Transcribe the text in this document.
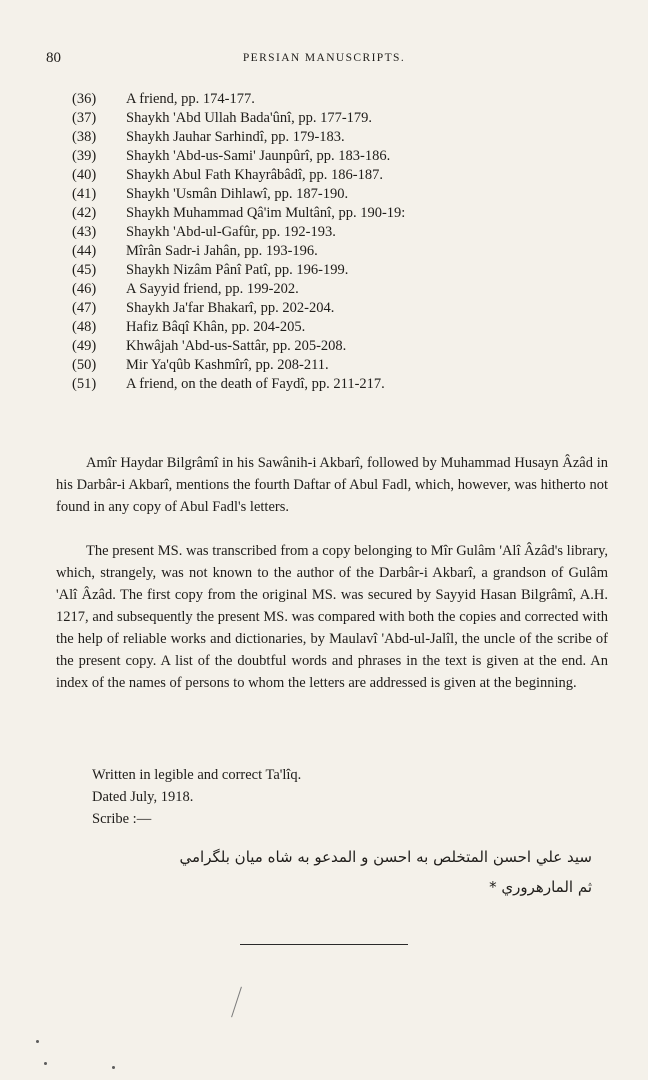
80	PERSIAN MANUSCRIPTS.
(36) A friend, pp. 174-177.
(37) Shaykh 'Abd Ullah Bada'ûnî, pp. 177-179.
(38) Shaykh Jauhar Sarhindî, pp. 179-183.
(39) Shaykh 'Abd-us-Sami' Jaunpûrî, pp. 183-186.
(40) Shaykh Abul Fath Khayrâbâdî, pp. 186-187.
(41) Shaykh 'Usmân Dihlawî, pp. 187-190.
(42) Shaykh Muhammad Qâ'im Multânî, pp. 190-19:
(43) Shaykh 'Abd-ul-Gafûr, pp. 192-193.
(44) Mîrân Sadr-i Jahân, pp. 193-196.
(45) Shaykh Nizâm Pânî Patî, pp. 196-199.
(46) A Sayyid friend, pp. 199-202.
(47) Shaykh Ja'far Bhakarî, pp. 202-204.
(48) Hafiz Bâqî Khân, pp. 204-205.
(49) Khwâjah 'Abd-us-Sattâr, pp. 205-208.
(50) Mir Ya'qûb Kashmîrî, pp. 208-211.
(51) A friend, on the death of Faydî, pp. 211-217.

Amîr Haydar Bilgrâmî in his Sawânih-i Akbarî, followed by Muhammad Husayn Âzâd in his Darbâr-i Akbarî, mentions the fourth Daftar of Abul Fadl, which, however, was hitherto not found in any copy of Abul Fadl's letters.

The present MS. was transcribed from a copy belonging to Mîr Gulâm 'Alî Âzâd's library, which, strangely, was not known to the author of the Darbâr-i Akbarî, a grandson of Gulâm 'Alî Âzâd. The first copy from the original MS. was secured by Sayyid Hasan Bilgrâmî, A.H. 1217, and subsequently the present MS. was compared with both the copies and corrected with the help of reliable works and dictionaries, by Maulavî 'Abd-ul-Jalîl, the uncle of the scribe of the present copy. A list of the doubtful words and phrases in the text is given at the end. An index of the names of persons to whom the letters are addressed is given at the beginning.

Written in legible and correct Ta'lîq.
Dated July, 1918.
Scribe :—
سید علي احسن المتخلص به احسن و المدعو به شاه میان بلگرامي
ثم المارهروري *
